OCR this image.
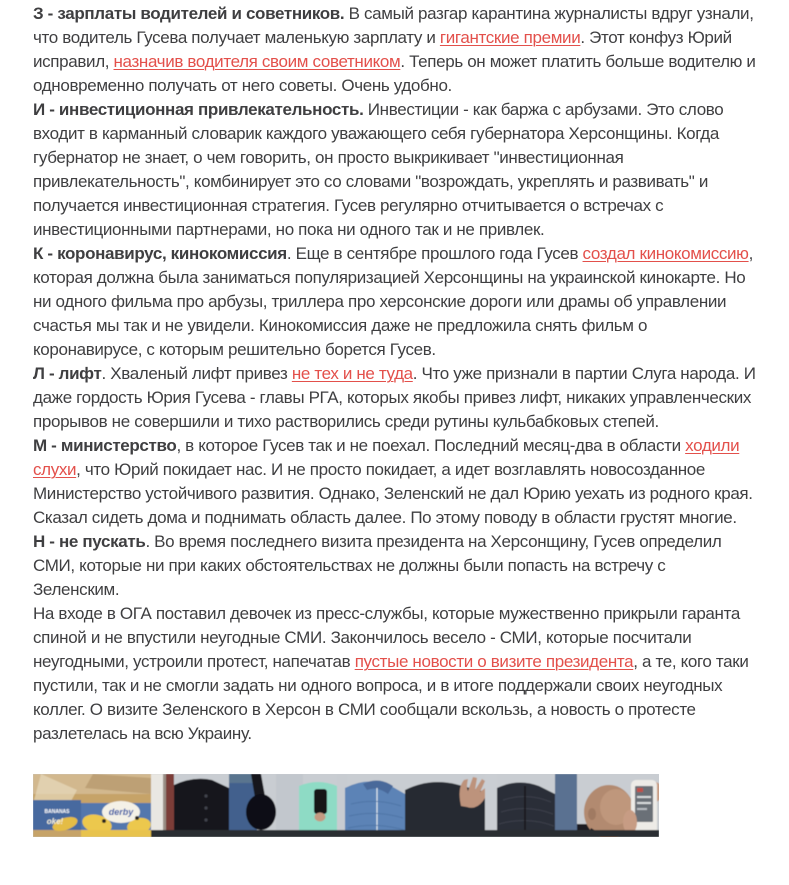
З - зарплаты водителей и советников. В самый разгар карантина журналисты вдруг узнали, что водитель Гусева получает маленькую зарплату и гигантские премии. Этот конфуз Юрий исправил, назначив водителя своим советником. Теперь он может платить больше водителю и одновременно получать от него советы. Очень удобно.

И - инвестиционная привлекательность. Инвестиции - как баржа с арбузами. Это слово входит в карманный словарик каждого уважающего себя губернатора Херсонщины. Когда губернатор не знает, о чем говорить, он просто выкрикивает "инвестиционная привлекательность", комбинирует это со словами "возрождать, укреплять и развивать" и получается инвестиционная стратегия. Гусев регулярно отчитывается о встречах с инвестиционными партнерами, но пока ни одного так и не привлек.

К - коронавирус, кинокомиссия. Еще в сентябре прошлого года Гусев создал кинокомиссию, которая должна была заниматься популяризацией Херсонщины на украинской кинокарте. Но ни одного фильма про арбузы, триллера про херсонские дороги или драмы об управлении счастья мы так и не увидели. Кинокомиссия даже не предложила снять фильм о коронавирусе, с которым решительно борется Гусев.

Л - лифт. Хваленый лифт привез не тех и не туда. Что уже признали в партии Слуга народа. И даже гордость Юрия Гусева - главы РГА, которых якобы привез лифт, никаких управленческих прорывов не совершили и тихо растворились среди рутины кульбабковых степей.

М - министерство, в которое Гусев так и не поехал. Последний месяц-два в области ходили слухи, что Юрий покидает нас. И не просто покидает, а идет возглавлять новосозданное Министерство устойчивого развития. Однако, Зеленский не дал Юрию уехать из родного края. Сказал сидеть дома и поднимать область далее. По этому поводу в области грустят многие.

Н - не пускать. Во время последнего визита президента на Херсонщину, Гусев определил СМИ, которые ни при каких обстоятельствах не должны были попасть на встречу с Зеленским.

На входе в ОГА поставил девочек из пресс-службы, которые мужественно прикрыли гаранта спиной и не впустили неугодные СМИ. Закончилось весело - СМИ, которые посчитали неугодными, устроили протест, напечатав пустые новости о визите президента, а те, кого таки пустили, так и не смогли задать ни одного вопроса, и в итоге поддержали своих неугодных коллег. О визите Зеленского в Херсон в СМИ сообщали вскользь, а новость о протесте разлетелась на всю Украину.

BANANAS
oke!
derby
